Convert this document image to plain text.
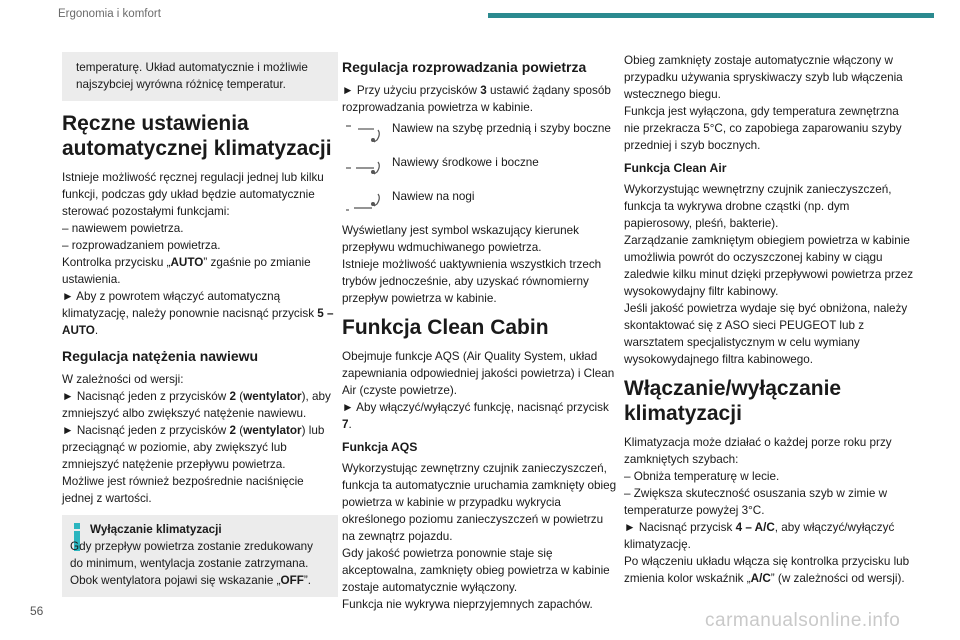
Ergonomia i komfort

temperaturę. Układ automatycznie i możliwie najszybciej wyrówna różnicę temperatur.

Ręczne ustawienia automatycznej klimatyzacji

Istnieje możliwość ręcznej regulacji jednej lub kilku funkcji, podczas gdy układ będzie automatycznie sterować pozostałymi funkcjami:

– nawiewem powietrza.

– rozprowadzaniem powietrza.

Kontrolka przycisku „AUTO” zgaśnie po zmianie ustawienia.

► Aby z powrotem włączyć automatyczną klimatyzację, należy ponownie nacisnąć przycisk 5 – AUTO.

Regulacja natężenia nawiewu

W zależności od wersji:

► Nacisnąć jeden z przycisków 2 (wentylator), aby zmniejszyć albo zwiększyć natężenie nawiewu.

► Nacisnąć jeden z przycisków 2 (wentylator) lub przeciągnąć w poziomie, aby zwiększyć lub zmniejszyć natężenie przepływu powietrza.

Możliwe jest również bezpośrednie naciśnięcie jednej z wartości.

Wyłączanie klimatyzacji

Gdy przepływ powietrza zostanie zredukowany do minimum, wentylacja zostanie zatrzymana.

Obok wentylatora pojawi się wskazanie „OFF”.

Regulacja rozprowadzania powietrza

► Przy użyciu przycisków 3 ustawić żądany sposób rozprowadzania powietrza w kabinie.

Nawiew na szybę przednią i szyby boczne

Nawiewy środkowe i boczne

Nawiew na nogi

Wyświetlany jest symbol wskazujący kierunek przepływu wdmuchiwanego powietrza.

Istnieje możliwość uaktywnienia wszystkich trzech trybów jednocześnie, aby uzyskać równomierny przepływ powietrza w kabinie.

Funkcja Clean Cabin

Obejmuje funkcje AQS (Air Quality System, układ zapewniania odpowiedniej jakości powietrza) i Clean Air (czyste powietrze).

► Aby włączyć/wyłączyć funkcję, nacisnąć przycisk 7.

Funkcja AQS

Wykorzystując zewnętrzny czujnik zanieczyszczeń, funkcja ta automatycznie uruchamia zamknięty obieg powietrza w kabinie w przypadku wykrycia określonego poziomu zanieczyszczeń w powietrzu na zewnątrz pojazdu.

Gdy jakość powietrza ponownie staje się akceptowalna, zamknięty obieg powietrza w kabinie zostaje automatycznie wyłączony.

Funkcja nie wykrywa nieprzyjemnych zapachów.

Obieg zamknięty zostaje automatycznie włączony w przypadku używania spryskiwaczy szyb lub włączenia wstecznego biegu.

Funkcja jest wyłączona, gdy temperatura zewnętrzna nie przekracza 5°C, co zapobiega zaparowaniu szyby przedniej i szyb bocznych.

Funkcja Clean Air

Wykorzystując wewnętrzny czujnik zanieczyszczeń, funkcja ta wykrywa drobne cząstki (np. dym papierosowy, pleśń, bakterie).

Zarządzanie zamkniętym obiegiem powietrza w kabinie umożliwia powrót do oczyszczonej kabiny w ciągu zaledwie kilku minut dzięki przepływowi powietrza przez wysokowydajny filtr kabinowy.

Jeśli jakość powietrza wydaje się być obniżona, należy skontaktować się z ASO sieci PEUGEOT lub z warsztatem specjalistycznym w celu wymiany wysokowydajnego filtra kabinowego.

Włączanie/wyłączanie klimatyzacji

Klimatyzacja może działać o każdej porze roku przy zamkniętych szybach:

– Obniża temperaturę w lecie.

– Zwiększa skuteczność osuszania szyb w zimie w temperaturze powyżej 3°C.

► Nacisnąć przycisk 4 – A/C, aby włączyć/wyłączyć klimatyzację.

Po włączeniu układu włącza się kontrolka przycisku lub zmienia kolor wskaźnik „A/C” (w zależności od wersji).

56	carmanualsonline.info
